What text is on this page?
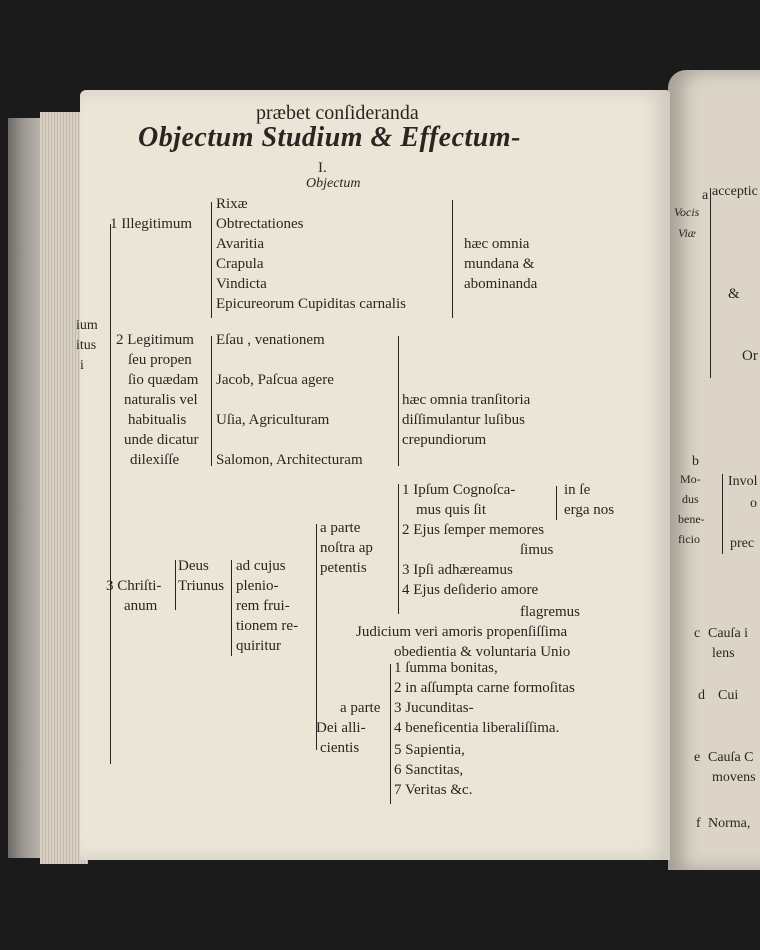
a
Vocis
Viæ
acceptic
&
Or
b
Mo-
dus
bene-
ficio
Invol
o
prec
c Cauſa i
lens
d Cui
e Cauſa C
movens
f Norma,
præbet conſideranda
Objectum Studium & Effectum-
I.
Objectum
ium
itus
i
1 Illegitimum
Rixæ
Obtrectationes
Avaritia
Crapula
Vindicta
Epicureorum Cupiditas carnalis
hæc omnia
mundana &
abominanda
2 Legitimum
ſeu propen
ſio quædam
naturalis vel
habitualis
unde dicatur
dilexiſſe
Eſau , venationem
Jacob, Paſcua agere
Uſia, Agriculturam
Salomon, Architecturam
hæc omnia tranſitoria
diſſimulantur luſibus
crepundiorum
3 Chriſti-
anum
Deus
Triunus
ad cujus
plenio-
rem frui-
tionem re-
quiritur
a parte
noſtra ap
petentis
1 Ipſum Cognoſca-
mus quis ſit
2 Ejus ſemper memores
ſimus
3 Ipſi adhæreamus
4 Ejus deſiderio amore
flagremus
in ſe
erga nos
Judicium veri amoris propenſiſſima
obedientia & voluntaria Unio
a parte
Dei alli-
cientis
1 ſumma bonitas,
2 in aſſumpta carne formoſitas
3 Jucunditas-
4 beneficentia liberaliſſima.
5 Sapientia,
6 Sanctitas,
7 Veritas &c.
